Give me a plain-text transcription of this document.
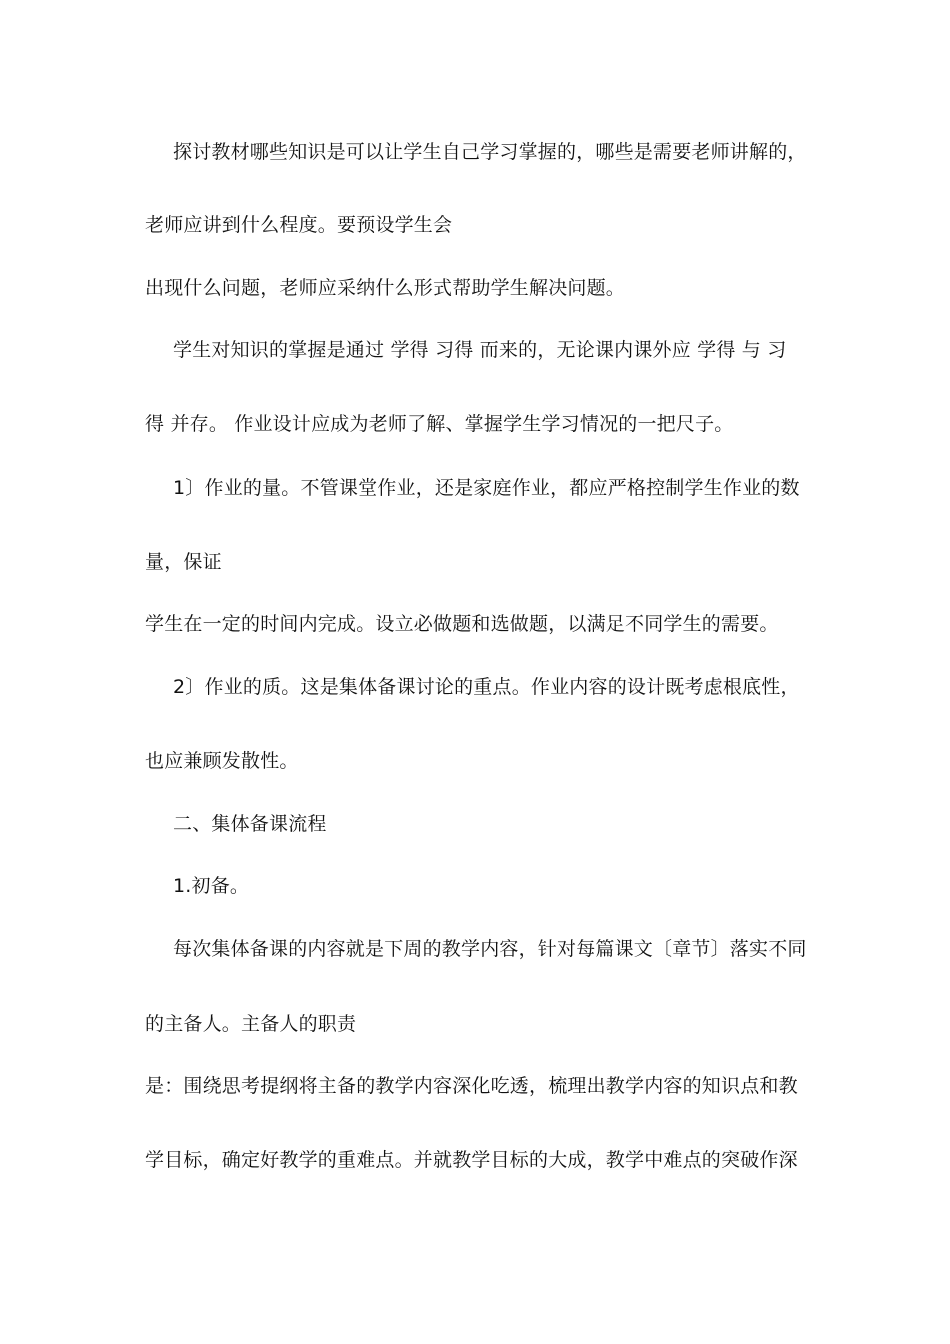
探讨教材哪些知识是可以让学生自己学习掌握的，哪些是需要老师讲解的，
老师应讲到什么程度。要预设学生会
出现什么问题，老师应采纳什么形式帮助学生解决问题。
学生对知识的掌握是通过 学得 习得 而来的，无论课内课外应 学得 与 习
得 并存。 作业设计应成为老师了解、掌握学生学习情况的一把尺子。
1〕作业的量。不管课堂作业，还是家庭作业，都应严格控制学生作业的数
量，保证
学生在一定的时间内完成。设立必做题和选做题，以满足不同学生的需要。
2〕作业的质。这是集体备课讨论的重点。作业内容的设计既考虑根底性，
也应兼顾发散性。
二、集体备课流程
1.初备。
每次集体备课的内容就是下周的教学内容，针对每篇课文〔章节〕落实不同
的主备人。主备人的职责
是：围绕思考提纲将主备的教学内容深化吃透，梳理出教学内容的知识点和教
学目标，确定好教学的重难点。并就教学目标的大成，教学中难点的突破作深
